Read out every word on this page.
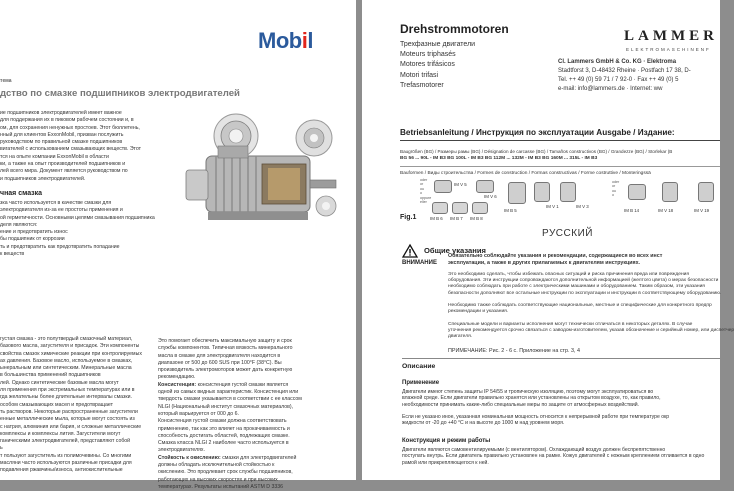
Mobil
тема
дство по смазке подшипников электродвигателей
ие подшипников электродвигателей имеет важное
для поддержания их в пиковом рабочем состоянии и, в
ом, для сохранения ненужных простоев. Этот бюллетень,
нный для клиентов ExxonMobil, призван послужить
руководством по правильной смазке подшипников
вигателей с использованием смазывающих веществ. Этот
тся на опыте компании ExxonMobil в области
ки, а также на опыт производителей подшипников и
лей всего мира. Документ является руководством по
и подшипников электродвигателей.
чная смазка
зка часто используется в качестве смазки для
электродвигателя из-за ее простоты применения и
ой герметичности. Основными целями смазывания подшипника
деля являются:
ение и предотвратить износ
бы подшипник от коррозии
ть и предотвратить как предотвратить попадание
к веществ
густая смазка - это полутвердый смазочный материал,
базового масла, загустителя и присадок. Эти компоненты
свойства смазок химические реакции при контролируемых
ах давления. Базовое масло, используемое в смазках,
ынеральным или синтетическим. Минеральные масла
в большинства применений подшипников
лей. Однако синтетические базовые масла могут
ля применения при экстремальных температурах или в
гда желательны более длительные интервалы смазки.
особом смазывающих масел и предотвращает
ть растворов. Некоторые распространенные загустители
енные металлические мыла, которые могут состоять из
с натрия, алюминия или бария, и сложные металлические
комплексы и комплексы лития. Загустители могут
ганическими электродвигателей, представляют собой
ь
т пользуют загуститель из полимочевины. Со многими
масляни часто используются различные присадки для
подавления ржавчины/износа, антиокислительные
Это помогает обеспечить максимальную защиту и срок
службы компонентов. Типичная вязкость минерального
масла в смазке для электродвигателя находится в
диапазоне от 500 до 600 SUS при 100°F (38°C). Вы
производитель электромоторов может дать конкретную
рекомендацию.
Консистенция: консистенция густой смазки является
одной из самых видных характеристик. Консистенция или
твердость смазки указывается в соответствии с ее классом
NLGI (Национальный институт смазочных материалов),
который варьируется от 000 до 6.
Консистенция густой смазки должна соответствовать
применению, так как это влияет на прокачиваемость и
способность достигать областей, подлежащих смазке.
Смазка класса NLGI 2 наиболее часто используется в
электродвигателях.
Стойкость к окислению: смазки для электродвигателей
должны обладать исключительной стойкостью к
окислению. Это продлевает срок службы подшипников,
работающих на высоких скоростях и при высоких
температурах. Результаты испытаний ASTM D 3336
Drehstrommotoren
Трехфазные двигатели
Moteurs triphasés
Motores trifásicos
Motori trifasi
Trefasmotorer
LAMMER
ELEKTROMASCHINENF
Cl. Lammers GmbH & Co. KG · Elektroma
Stadtforst 3, D-48432 Rheine · Postfach 17 38, D-
Tel. ++ 49 (0) 59 71 / 7 92-0 · Fax ++ 49 (0) 5
e-mail: info@lammers.de · Internet: ww
Betriebsanleitung / Инструкция по эксплуатации Ausgabe / Издание:
Baugrößen (BG) / Размеры рамы (BG) / Désignation de carcasse (BG) / Tamaños constructivos (BG) / Grandezze (BG) / Storlekar (B
BG 56 ... 90L - IM B3 BG 100L - IM B3 BG 112M ... 132M - IM B3 BG 160M ... 315L - IM B3
Bauformen / Виды строительства / Formes de construction / Formas constructivas / Forme costruttive / Monteringssä
Fig.1
oder
or
ou
o
oppure
eller
IM V 5
IM V 6
IM B 6 IM B 7 IM B 8
IM B 5
IM V 1	IM V 3
oder
or
ou
o
IM B 14	IM V 18	IM V 19
РУССКИЙ
Общие указания
ВНИМАНИЕ
Обязательно соблюдайте указания и рекомендации, содержащиеся во всех инст
эксплуатации, а также в других прилагаемых к двигателям инструкциях.
Это необходимо сделать, чтобы избежать опасных ситуаций и риска причинения вреда или повреждения
оборудования. Эти инструкции сопровождаются дополнительной информацией (желтого цвета) о мерах безопасности
необходимо соблюдать при работе с электрическими машинами и оборудованием. Таким образом, эти указания
безопасности дополняют все остальные инструкции по эксплуатации и инструкции в соответствующему оборудованию.

Необходимо также соблюдать соответствующие национальные, местные и специфические для конкретного предпр
рекомендации и указания.

Специальные модели и варианты исполнения могут технически отличаться в некоторых деталях. В случае
уточнения рекомендуется срочно связаться с заводом-изготовителем, указав обозначение и серийный номер, или диспетчер
двигателя.
ПРИМЕЧАНИЕ: Рис. 2 - 6 с. Приложение на стр. 3, 4
Описание
Применение
Двигатели имеют степень защиты IP 54/55 и тропическую изоляцию, поэтому могут эксплуатироваться во
влажной среде. Если двигатели правильно хранятся или установлены на открытом воздухе, то, как правило,
необходимости принимать какие-либо специальные меры по защите от атмосферных воздействий.

Если не указано иное, указанная номинальная мощность относится к непрерывной работе при температуре окр
жидкости от -20 до +40 °C и на высоте до 1000 м над уровнем моря.
Конструкция и режим работы
Двигатели являются самовентилируемыми (с вентилятором). Охлаждающий воздух должен беспрепятственно
поступать внутрь. Если двигатель правильно установлен на рамке. Кожух двигателей с ножным креплением отливается в одно
рамой или прикрепляющегося к ней.
